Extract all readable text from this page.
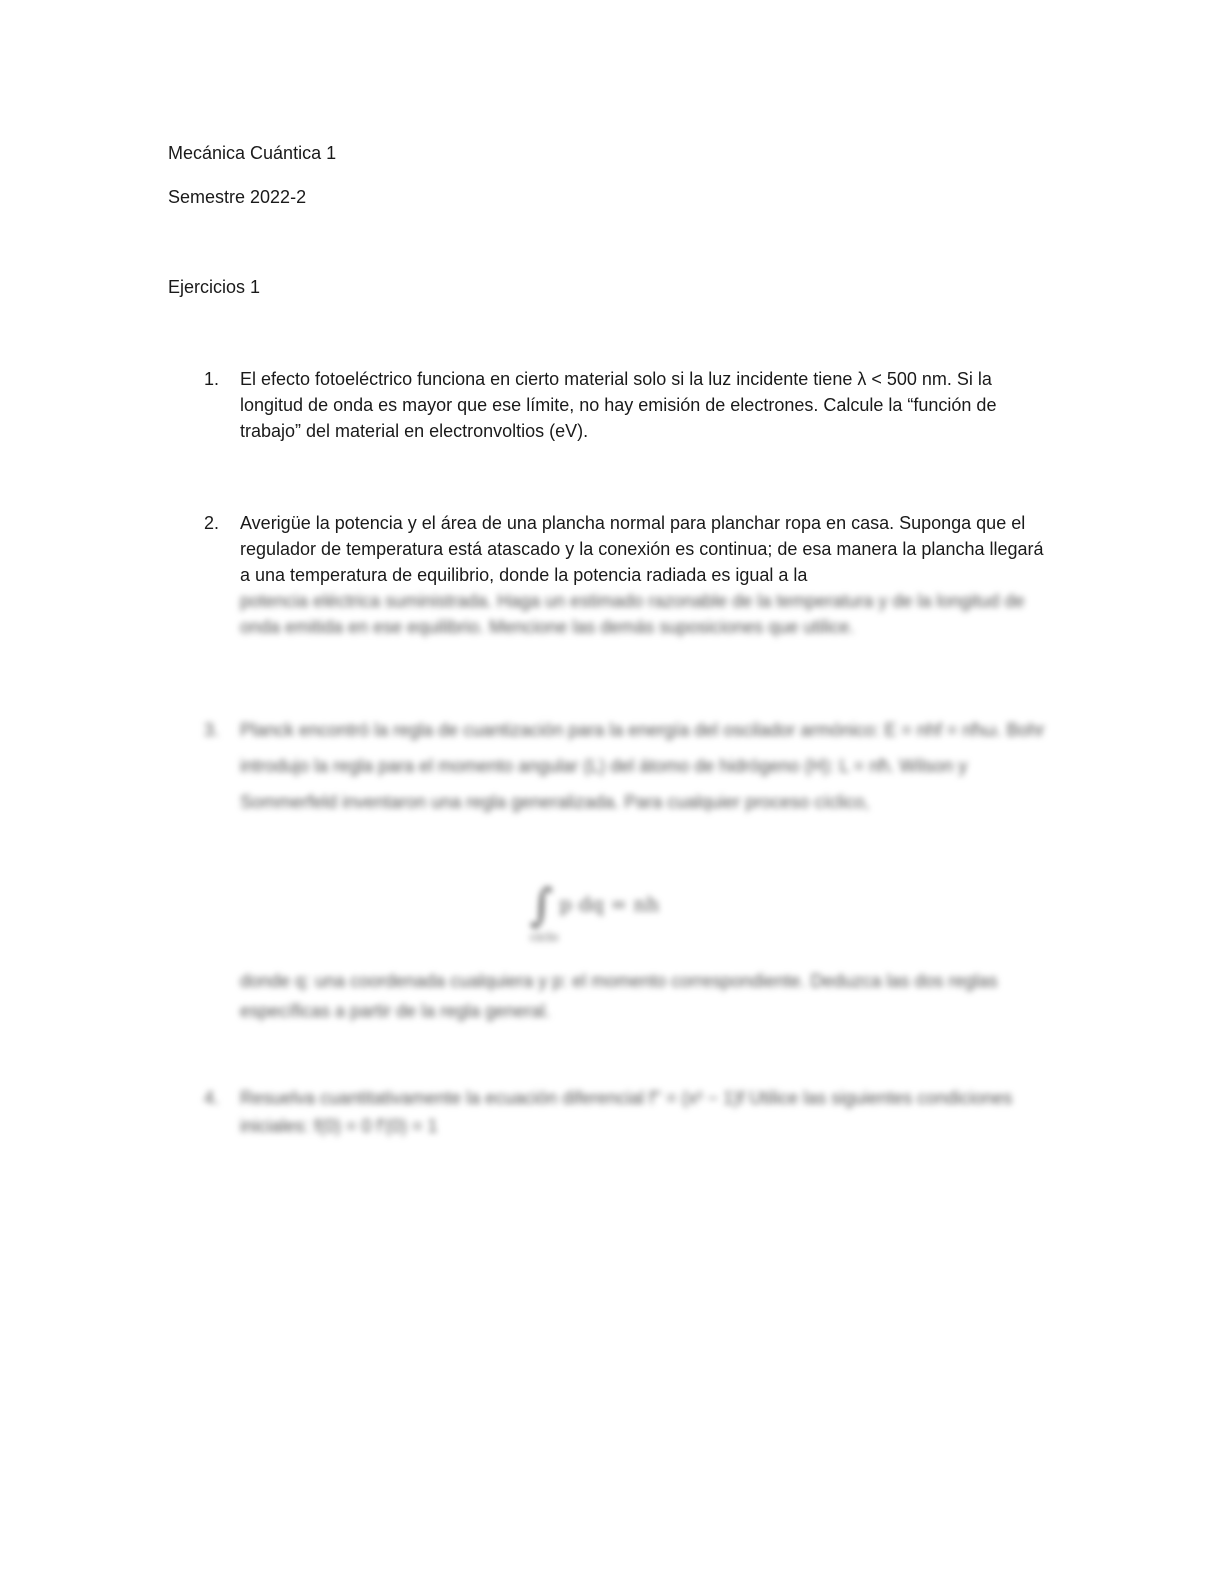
Mecánica Cuántica 1
Semestre 2022-2
Ejercicios 1
1. El efecto fotoeléctrico funciona en cierto material solo si la luz incidente tiene λ < 500 nm. Si la longitud de onda es mayor que ese límite, no hay emisión de electrones. Calcule la “función de trabajo” del material en electronvoltios (eV).
2. Averigüe la potencia y el área de una plancha normal para planchar ropa en casa. Suponga que el regulador de temperatura está atascado y la conexión es continua; de esa manera la plancha llegará a una temperatura de equilibrio, donde la potencia radiada es igual a la
potencia eléctrica suministrada. Haga un estimado razonable de la temperatura y de la longitud de onda emitida en ese equilibrio. Mencione las demás suposiciones que utilice.
3. Planck encontró la regla de cuantización para la energía del oscilador armónico: E = nhf = nħω. Bohr introdujo la regla para el momento angular (L) del átomo de hidrógeno (H): L = nħ. Wilson y Sommerfeld inventaron una regla generalizada. Para cualquier proceso cíclico,
∫ p dq = nh
ciclo
donde q: una coordenada cualquiera y p: el momento correspondiente. Deduzca las dos reglas específicas a partir de la regla general.
4. Resuelva cuantitativamente la ecuación diferencial f'' = (x² − 1)f Utilice las siguientes condiciones iniciales: f(0) = 0 f'(0) = 1
